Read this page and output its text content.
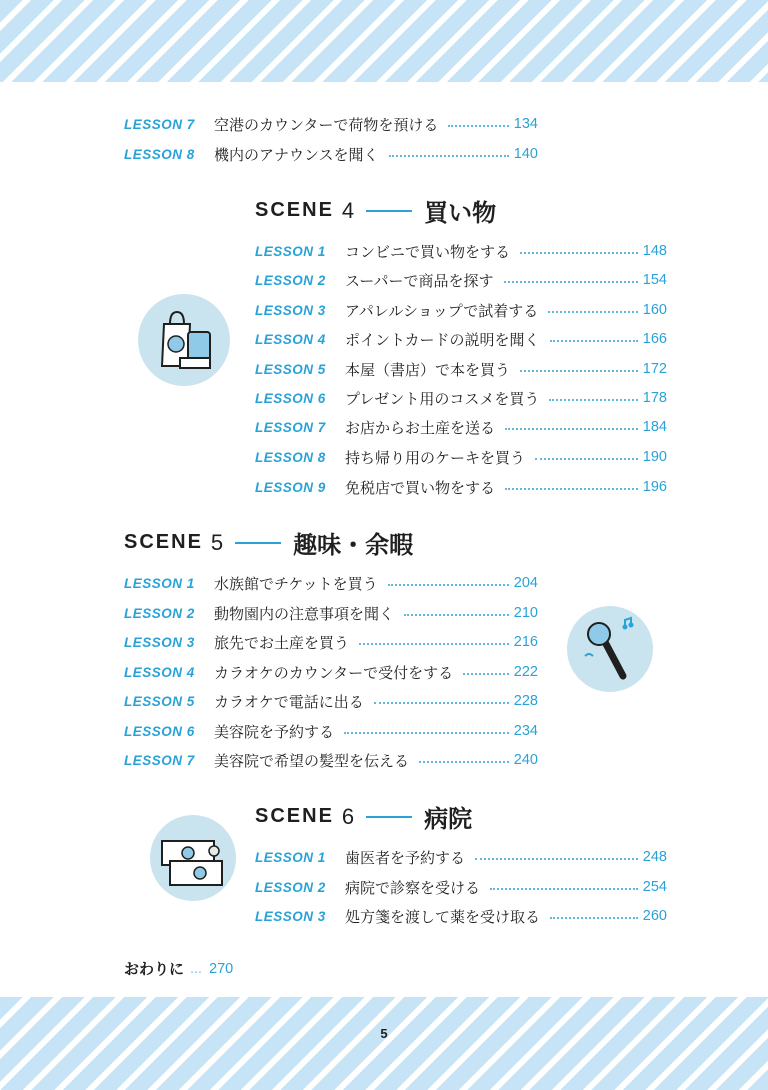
LESSON 7	空港のカウンターで荷物を預ける	134
LESSON 8	機内のアナウンスを聞く	140
SCENE 4	買い物
LESSON 1	コンビニで買い物をする	148
LESSON 2	スーパーで商品を探す	154
LESSON 3	アパレルショップで試着する	160
LESSON 4	ポイントカードの説明を聞く	166
LESSON 5	本屋（書店）で本を買う	172
LESSON 6	プレゼント用のコスメを買う	178
LESSON 7	お店からお土産を送る	184
LESSON 8	持ち帰り用のケーキを買う	190
LESSON 9	免税店で買い物をする	196
SCENE 5	趣味・余暇
LESSON 1	水族館でチケットを買う	204
LESSON 2	動物園内の注意事項を聞く	210
LESSON 3	旅先でお土産を買う	216
LESSON 4	カラオケのカウンターで受付をする	222
LESSON 5	カラオケで電話に出る	228
LESSON 6	美容院を予約する	234
LESSON 7	美容院で希望の髪型を伝える	240
SCENE 6	病院
LESSON 1	歯医者を予約する	248
LESSON 2	病院で診察を受ける	254
LESSON 3	処方箋を渡して薬を受け取る	260
おわりに … 270
5
